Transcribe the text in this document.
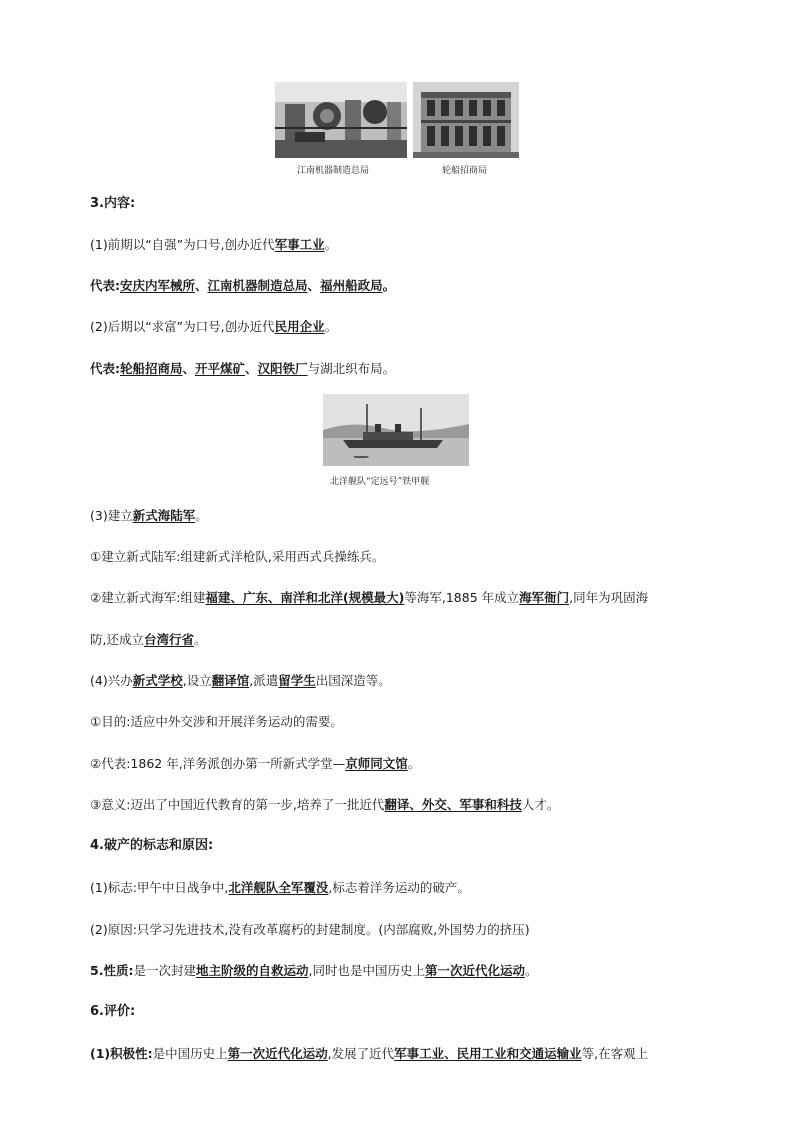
江南机器制造总局	轮船招商局
北洋舰队“定远号”铁甲舰
3.内容:
(1)前期以“自强”为口号,创办近代军事工业。
代表:安庆内军械所、江南机器制造总局、福州船政局。
(2)后期以“求富”为口号,创办近代民用企业。
代表:轮船招商局、开平煤矿、汉阳铁厂与湖北织布局。
(3)建立新式海陆军。
①建立新式陆军:组建新式洋枪队,采用西式兵操练兵。
②建立新式海军:组建福建、广东、南洋和北洋(规模最大)等海军,1885 年成立海军衙门,同年为巩固海
防,还成立台湾行省。
(4)兴办新式学校,设立翻译馆,派遣留学生出国深造等。
①目的:适应中外交涉和开展洋务运动的需要。
②代表:1862 年,洋务派创办第一所新式学堂—京师同文馆。
③意义:迈出了中国近代教育的第一步,培养了一批近代翻译、外交、军事和科技人才。
4.破产的标志和原因:
(1)标志:甲午中日战争中,北洋舰队全军覆没,标志着洋务运动的破产。
(2)原因:只学习先进技术,没有改革腐朽的封建制度。(内部腐败,外国势力的挤压)
5.性质:是一次封建地主阶级的自救运动,同时也是中国历史上第一次近代化运动。
6.评价:
(1)积极性:是中国历史上第一次近代化运动,发展了近代军事工业、民用工业和交通运输业等,在客观上
